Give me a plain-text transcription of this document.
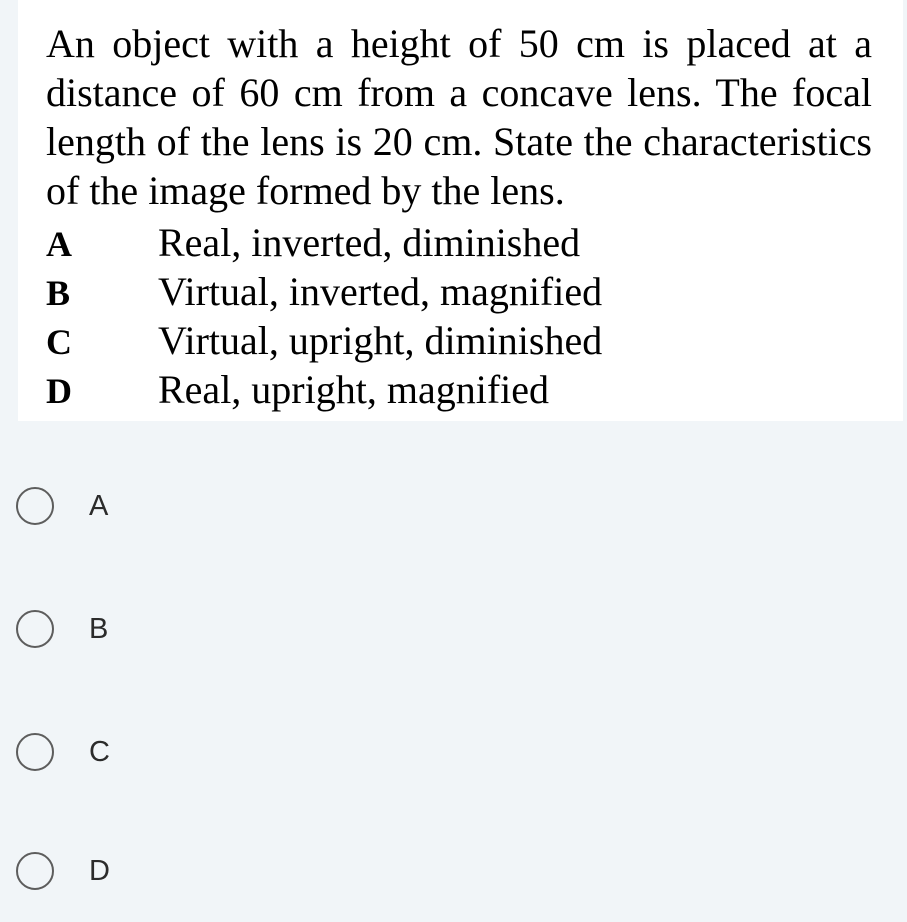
An object with a height of 50 cm is placed at a distance of 60 cm from a concave lens. The focal length of the lens is 20 cm. State the characteristics of the image formed by the lens.

A	Real, inverted, diminished
B	Virtual, inverted, magnified
C	Virtual, upright, diminished
D	Real, upright, magnified
A
B
C
D
